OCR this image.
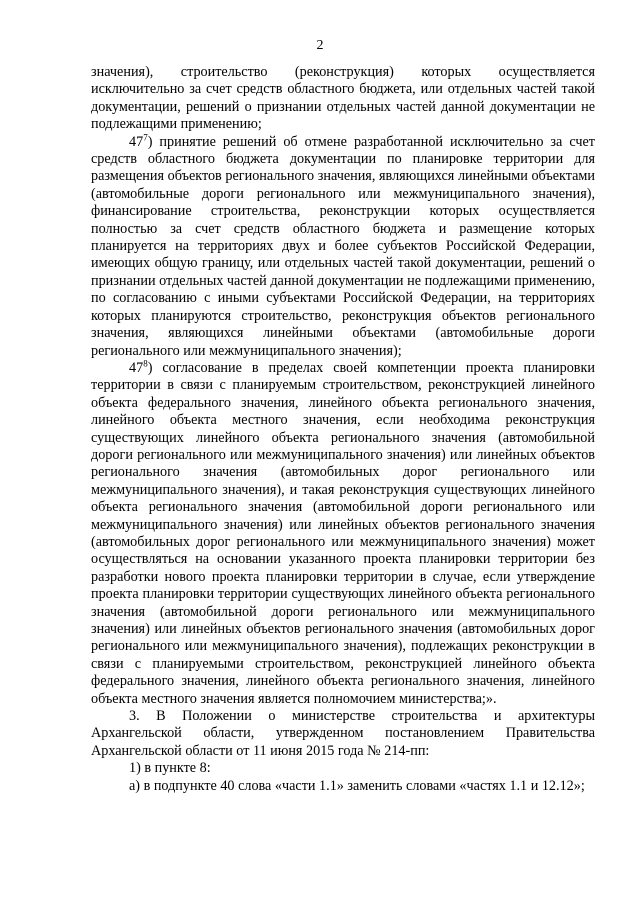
2

значения), строительство (реконструкция) которых осуществляется исключительно за счет средств областного бюджета, или отдельных частей такой документации, решений о признании отдельных частей данной документации не подлежащими применению;

$47^7$) принятие решений об отмене разработанной исключительно за счет средств областного бюджета документации по планировке территории для размещения объектов регионального значения, являющихся линейными объектами (автомобильные дороги регионального или межмуниципального значения), финансирование строительства, реконструкции которых осуществляется полностью за счет средств областного бюджета и размещение которых планируется на территориях двух и более субъектов Российской Федерации, имеющих общую границу, или отдельных частей такой документации, решений о признании отдельных частей данной документации не подлежащими применению, по согласованию с иными субъектами Российской Федерации, на территориях которых планируются строительство, реконструкция объектов регионального значения, являющихся линейными объектами (автомобильные дороги регионального или межмуниципального значения);

$47^8$) согласование в пределах своей компетенции проекта планировки территории в связи с планируемым строительством, реконструкцией линейного объекта федерального значения, линейного объекта регионального значения, линейного объекта местного значения, если необходима реконструкция существующих линейного объекта регионального значения (автомобильной дороги регионального или межмуниципального значения) или линейных объектов регионального значения (автомобильных дорог регионального или межмуниципального значения), и такая реконструкция существующих линейного объекта регионального значения (автомобильной дороги регионального или межмуниципального значения) или линейных объектов регионального значения (автомобильных дорог регионального или межмуниципального значения) может осуществляться на основании указанного проекта планировки территории без разработки нового проекта планировки территории в случае, если утверждение проекта планировки территории существующих линейного объекта регионального значения (автомобильной дороги регионального или межмуниципального значения) или линейных объектов регионального значения (автомобильных дорог регионального или межмуниципального значения), подлежащих реконструкции в связи с планируемыми строительством, реконструкцией линейного объекта федерального значения, линейного объекта регионального значения, линейного объекта местного значения является полномочием министерства;».

3. В Положении о министерстве строительства и архитектуры Архангельской области, утвержденном постановлением Правительства Архангельской области от 11 июня 2015 года № 214-пп:

1) в пункте 8:

а) в подпункте 40 слова «части 1.1» заменить словами «частях 1.1 и 12.12»;
